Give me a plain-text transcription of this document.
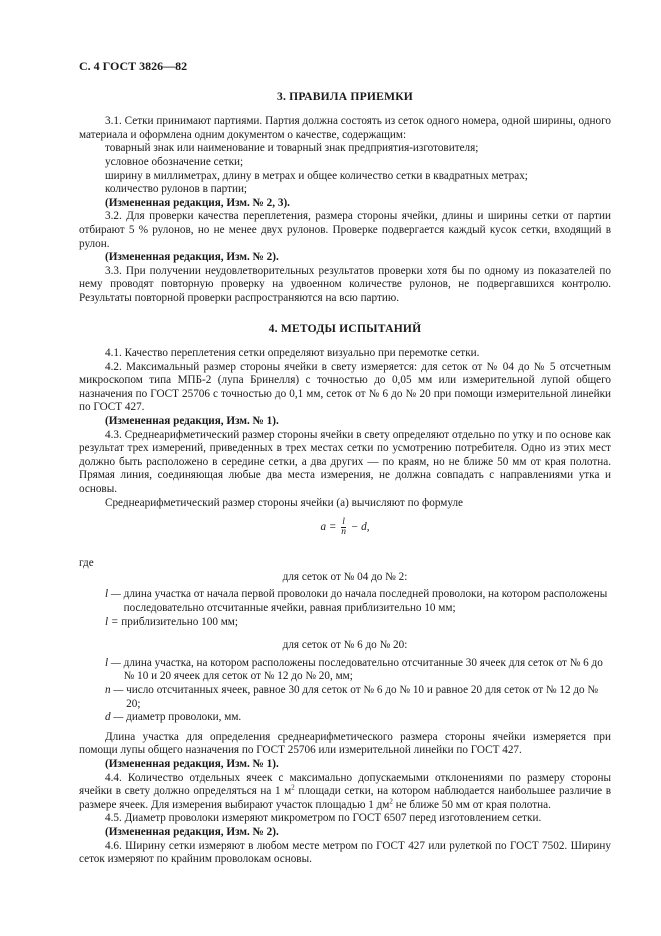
С. 4 ГОСТ 3826—82

3. ПРАВИЛА ПРИЕМКИ

3.1. Сетки принимают партиями. Партия должна состоять из сеток одного номера, одной ширины, одного материала и оформлена одним документом о качестве, содержащим:

товарный знак или наименование и товарный знак предприятия-изготовителя;

условное обозначение сетки;

ширину в миллиметрах, длину в метрах и общее количество сетки в квадратных метрах;

количество рулонов в партии;

(Измененная редакция, Изм. № 2, 3).

3.2. Для проверки качества переплетения, размера стороны ячейки, длины и ширины сетки от партии отбирают 5 % рулонов, но не менее двух рулонов. Проверке подвергается каждый кусок сетки, входящий в рулон.

(Измененная редакция, Изм. № 2).

3.3. При получении неудовлетворительных результатов проверки хотя бы по одному из показателей по нему проводят повторную проверку на удвоенном количестве рулонов, не подвергавшихся контролю. Результаты повторной проверки распространяются на всю партию.

4. МЕТОДЫ ИСПЫТАНИЙ

4.1. Качество переплетения сетки определяют визуально при перемотке сетки.

4.2. Максимальный размер стороны ячейки в свету измеряется: для сеток от № 04 до № 5 отсчетным микроскопом типа МПБ-2 (лупа Бринелля) с точностью до 0,05 мм или измерительной лупой общего назначения по ГОСТ 25706 с точностью до 0,1 мм, сеток от № 6 до № 20 при помощи измерительной линейки по ГОСТ 427.

(Измененная редакция, Изм. № 1).

4.3. Среднеарифметический размер стороны ячейки в свету определяют отдельно по утку и по основе как результат трех измерений, приведенных в трех местах сетки по усмотрению потребителя. Одно из этих мест должно быть расположено в середине сетки, а два других — по краям, но не ближе 50 мм от края полотна. Прямая линия, соединяющая любые два места измерения, не должна совпадать с направлениями утка и основы.

Среднеарифметический размер стороны ячейки (a) вычисляют по формуле

$a = \frac{l}{n} - d$,

где

для сеток от № 04 до № 2:

l —
длина участка от начала первой проволоки до начала последней проволоки, на котором расположены последовательно отсчитанные ячейки, равная приблизительно 10 мм;
l =
приблизительно 100 мм;

для сеток от № 6 до № 20:

l —
длина участка, на котором расположены последовательно отсчитанные 30 ячеек для сеток от № 6 до № 10 и 20 ячеек для сеток от № 12 до № 20, мм;
n —
число отсчитанных ячеек, равное 30 для сеток от № 6 до № 10 и равное 20 для сеток от № 12 до № 20;
d —
диаметр проволоки, мм.

Длина участка для определения среднеарифметического размера стороны ячейки измеряется при помощи лупы общего назначения по ГОСТ 25706 или измерительной линейки по ГОСТ 427.

(Измененная редакция, Изм. № 1).

4.4. Количество отдельных ячеек с максимально допускаемыми отклонениями по размеру стороны ячейки в свету должно определяться на 1 $м^2$ площади сетки, на котором наблюдается наибольшее различие в размере ячеек. Для измерения выбирают участок площадью 1 $дм^2$ не ближе 50 мм от края полотна.

4.5. Диаметр проволоки измеряют микрометром по ГОСТ 6507 перед изготовлением сетки.

(Измененная редакция, Изм. № 2).

4.6. Ширину сетки измеряют в любом месте метром по ГОСТ 427 или рулеткой по ГОСТ 7502. Ширину сеток измеряют по крайним проволокам основы.
